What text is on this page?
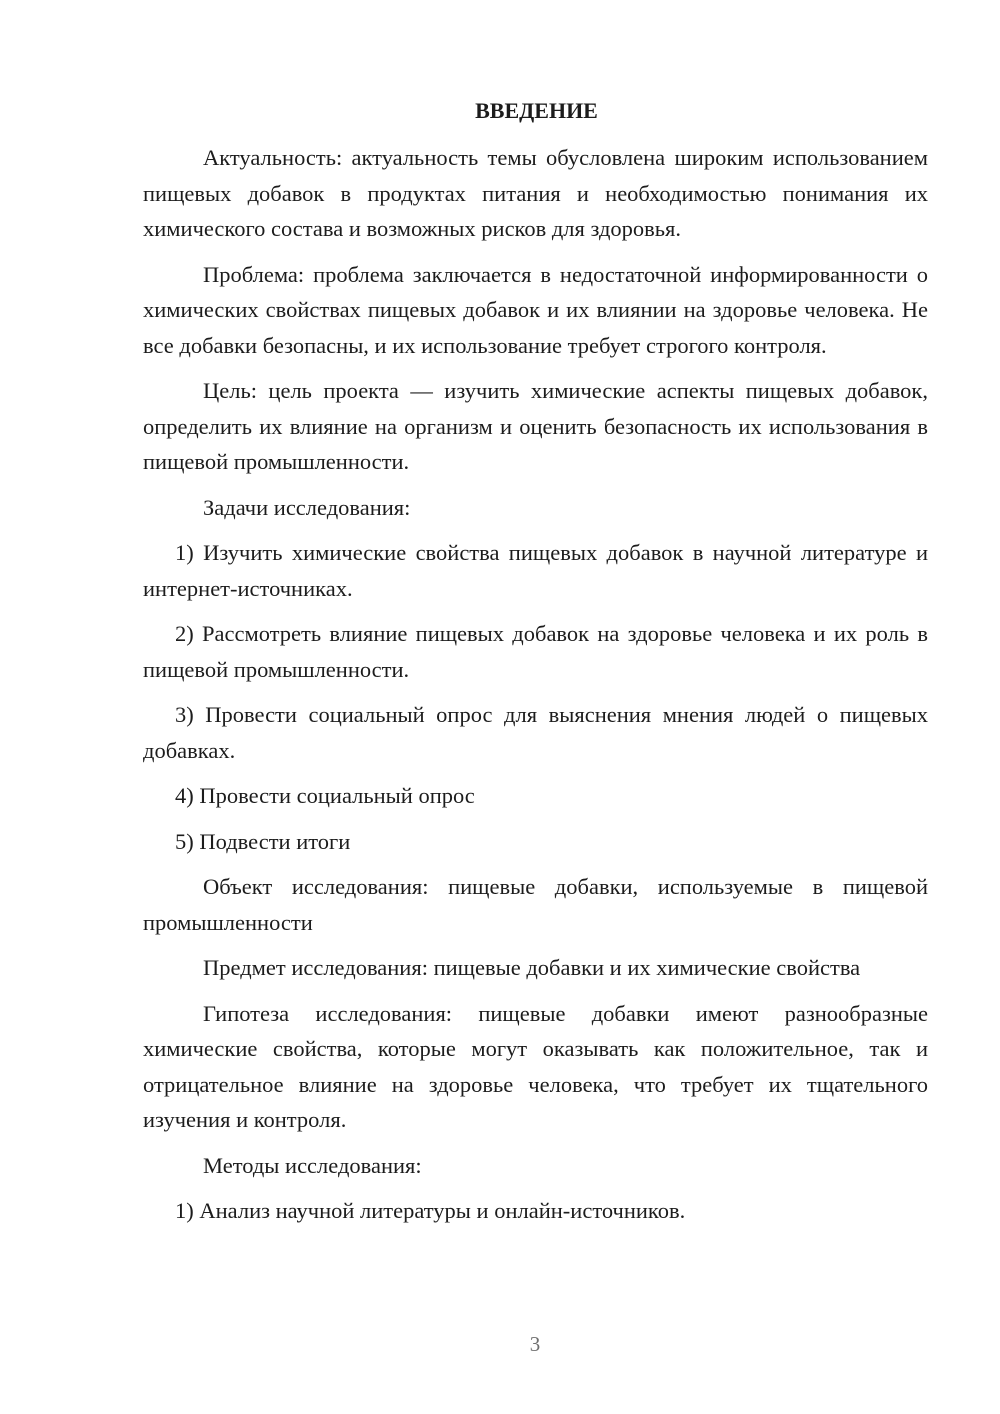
ВВЕДЕНИЕ

Актуальность: актуальность темы обусловлена широким использованием пищевых добавок в продуктах питания и необходимостью понимания их химического состава и возможных рисков для здоровья.

Проблема: проблема заключается в недостаточной информированности о химических свойствах пищевых добавок и их влиянии на здоровье человека. Не все добавки безопасны, и их использование требует строгого контроля.

Цель: цель проекта — изучить химические аспекты пищевых добавок, определить их влияние на организм и оценить безопасность их использования в пищевой промышленности.

Задачи исследования:

1) Изучить химические свойства пищевых добавок в научной литературе и интернет-источниках.

2) Рассмотреть влияние пищевых добавок на здоровье человека и их роль в пищевой промышленности.

3) Провести социальный опрос для выяснения мнения людей о пищевых добавках.

4) Провести социальный опрос

5) Подвести итоги

Объект исследования: пищевые добавки, используемые в пищевой промышленности

Предмет исследования: пищевые добавки и их химические свойства

Гипотеза исследования: пищевые добавки имеют разнообразные химические свойства, которые могут оказывать как положительное, так и отрицательное влияние на здоровье человека, что требует их тщательного изучения и контроля.

Методы исследования:

1) Анализ научной литературы и онлайн-источников.

3
